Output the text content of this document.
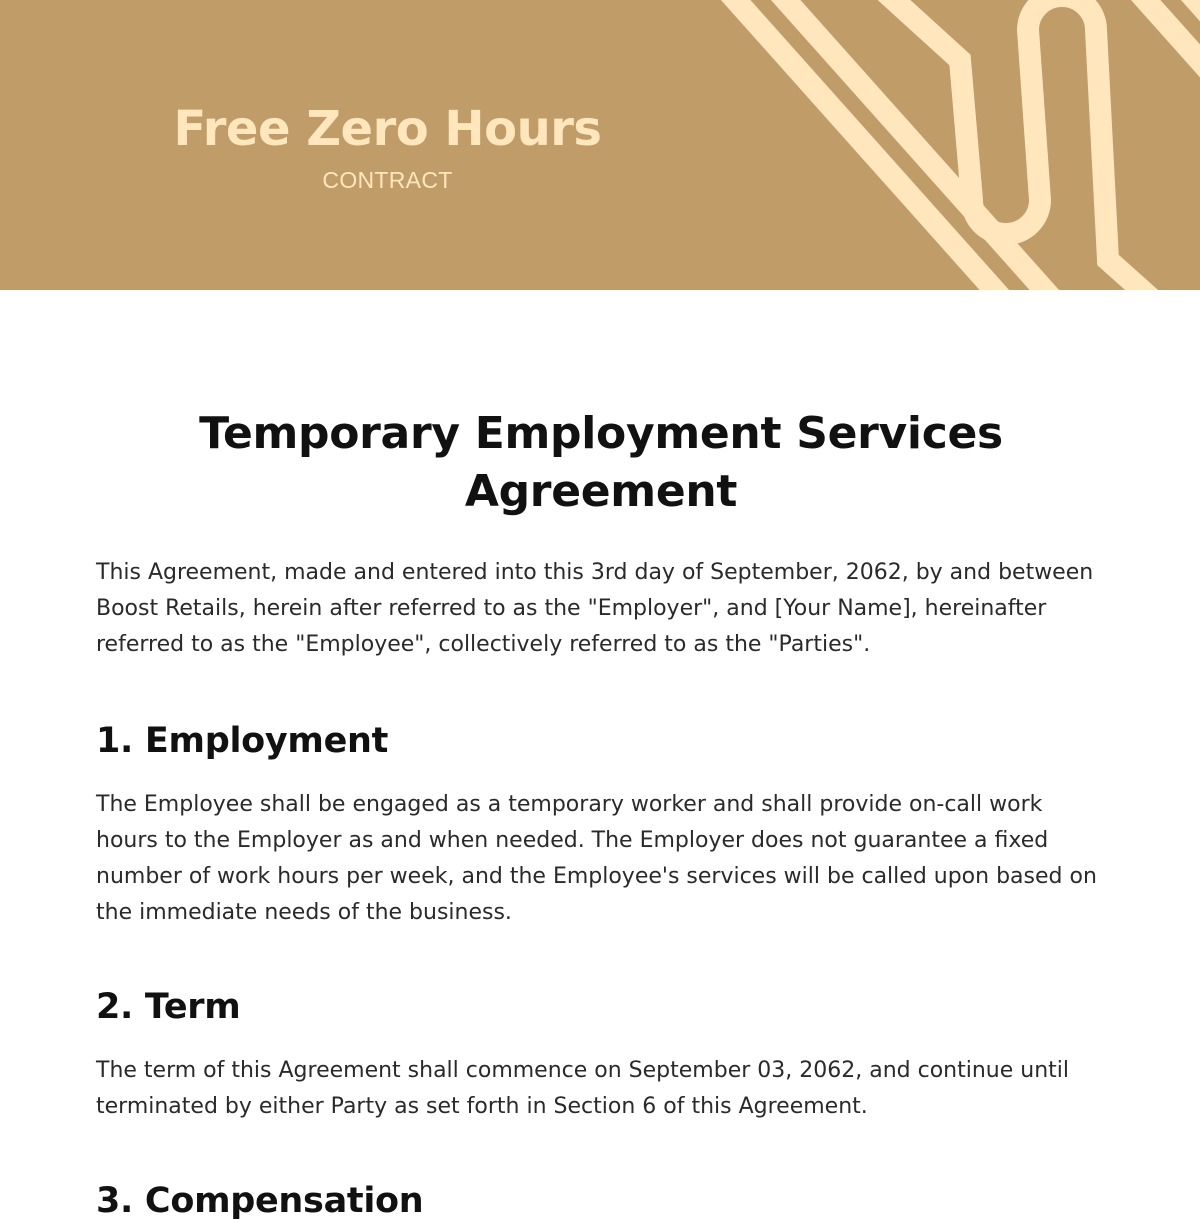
Free Zero Hours
CONTRACT
Temporary Employment Services Agreement

This Agreement, made and entered into this 3rd day of September, 2062, by and between Boost Retails, herein after referred to as the "Employer", and [Your Name], hereinafter referred to as the "Employee", collectively referred to as the "Parties".

1. Employment

The Employee shall be engaged as a temporary worker and shall provide on-call work hours to the Employer as and when needed. The Employer does not guarantee a fixed number of work hours per week, and the Employee's services will be called upon based on the immediate needs of the business.

2. Term

The term of this Agreement shall commence on September 03, 2062, and continue until terminated by either Party as set forth in Section 6 of this Agreement.

3. Compensation
